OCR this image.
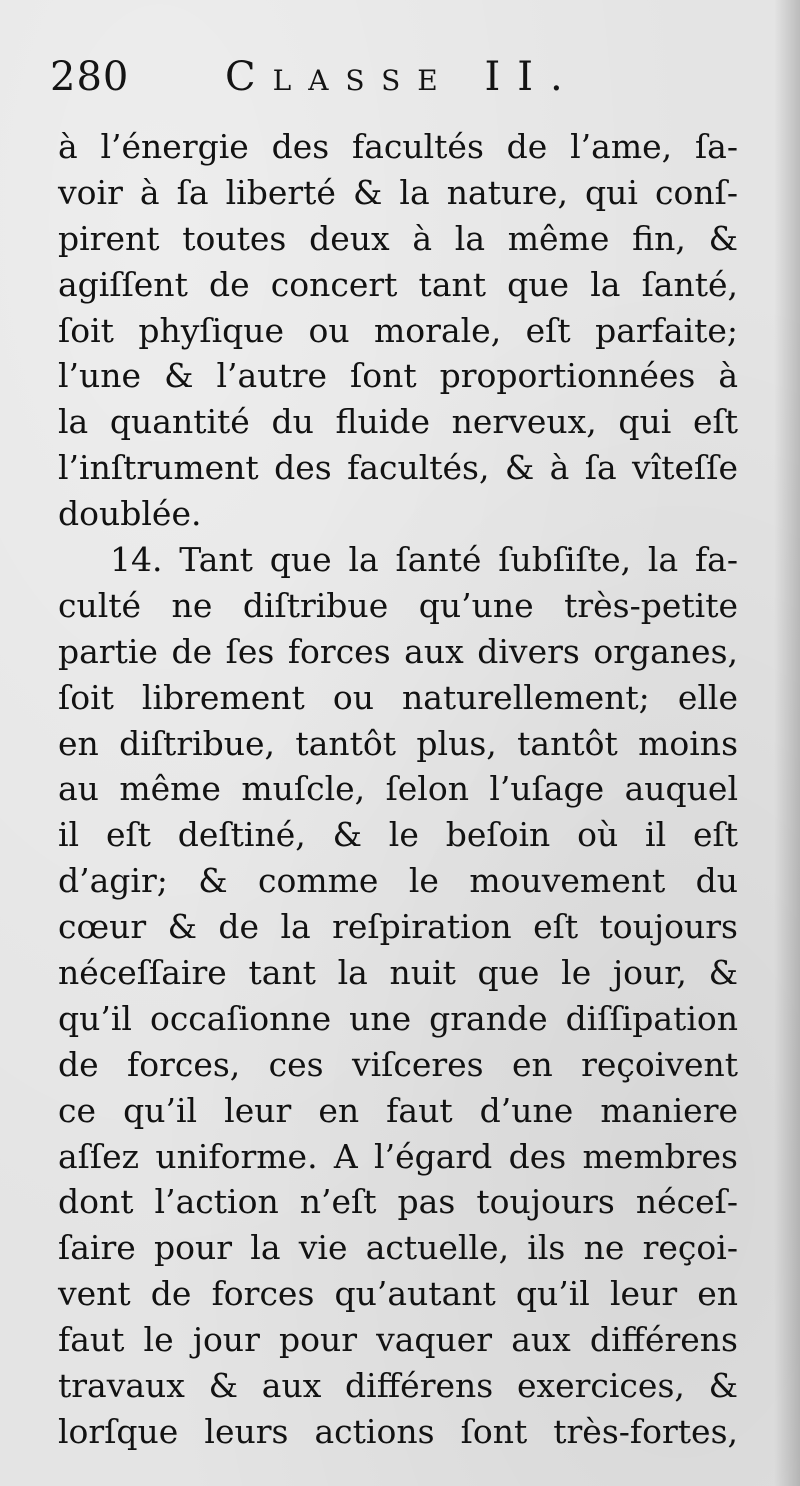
280 Classe II.
à l’énergie des facultés de l’ame, ſa-
voir à ſa liberté & la nature, qui conſ-
pirent toutes deux à la même fin, &
agiſſent de concert tant que la ſanté,
ſoit phyſique ou morale, eſt parfaite;
l’une & l’autre ſont proportionnées à
la quantité du fluide nerveux, qui eſt
l’inſtrument des facultés, & à ſa vîteſſe
doublée.
14. Tant que la ſanté ſubſiſte, la fa-
culté ne diſtribue qu’une très-petite
partie de ſes forces aux divers organes,
ſoit librement ou naturellement; elle
en diſtribue, tantôt plus, tantôt moins
au même muſcle, ſelon l’uſage auquel
il eſt deſtiné, & le beſoin où il eſt
d’agir; & comme le mouvement du
cœur & de la reſpiration eſt toujours
néceſſaire tant la nuit que le jour, &
qu’il occaſionne une grande diſſipation
de forces, ces viſceres en reçoivent
ce qu’il leur en faut d’une maniere
aſſez uniforme. A l’égard des membres
dont l’action n’eſt pas toujours néceſ-
ſaire pour la vie actuelle, ils ne reçoi-
vent de forces qu’autant qu’il leur en
faut le jour pour vaquer aux différens
travaux & aux différens exercices, &
lorſque leurs actions ſont très-fortes,
